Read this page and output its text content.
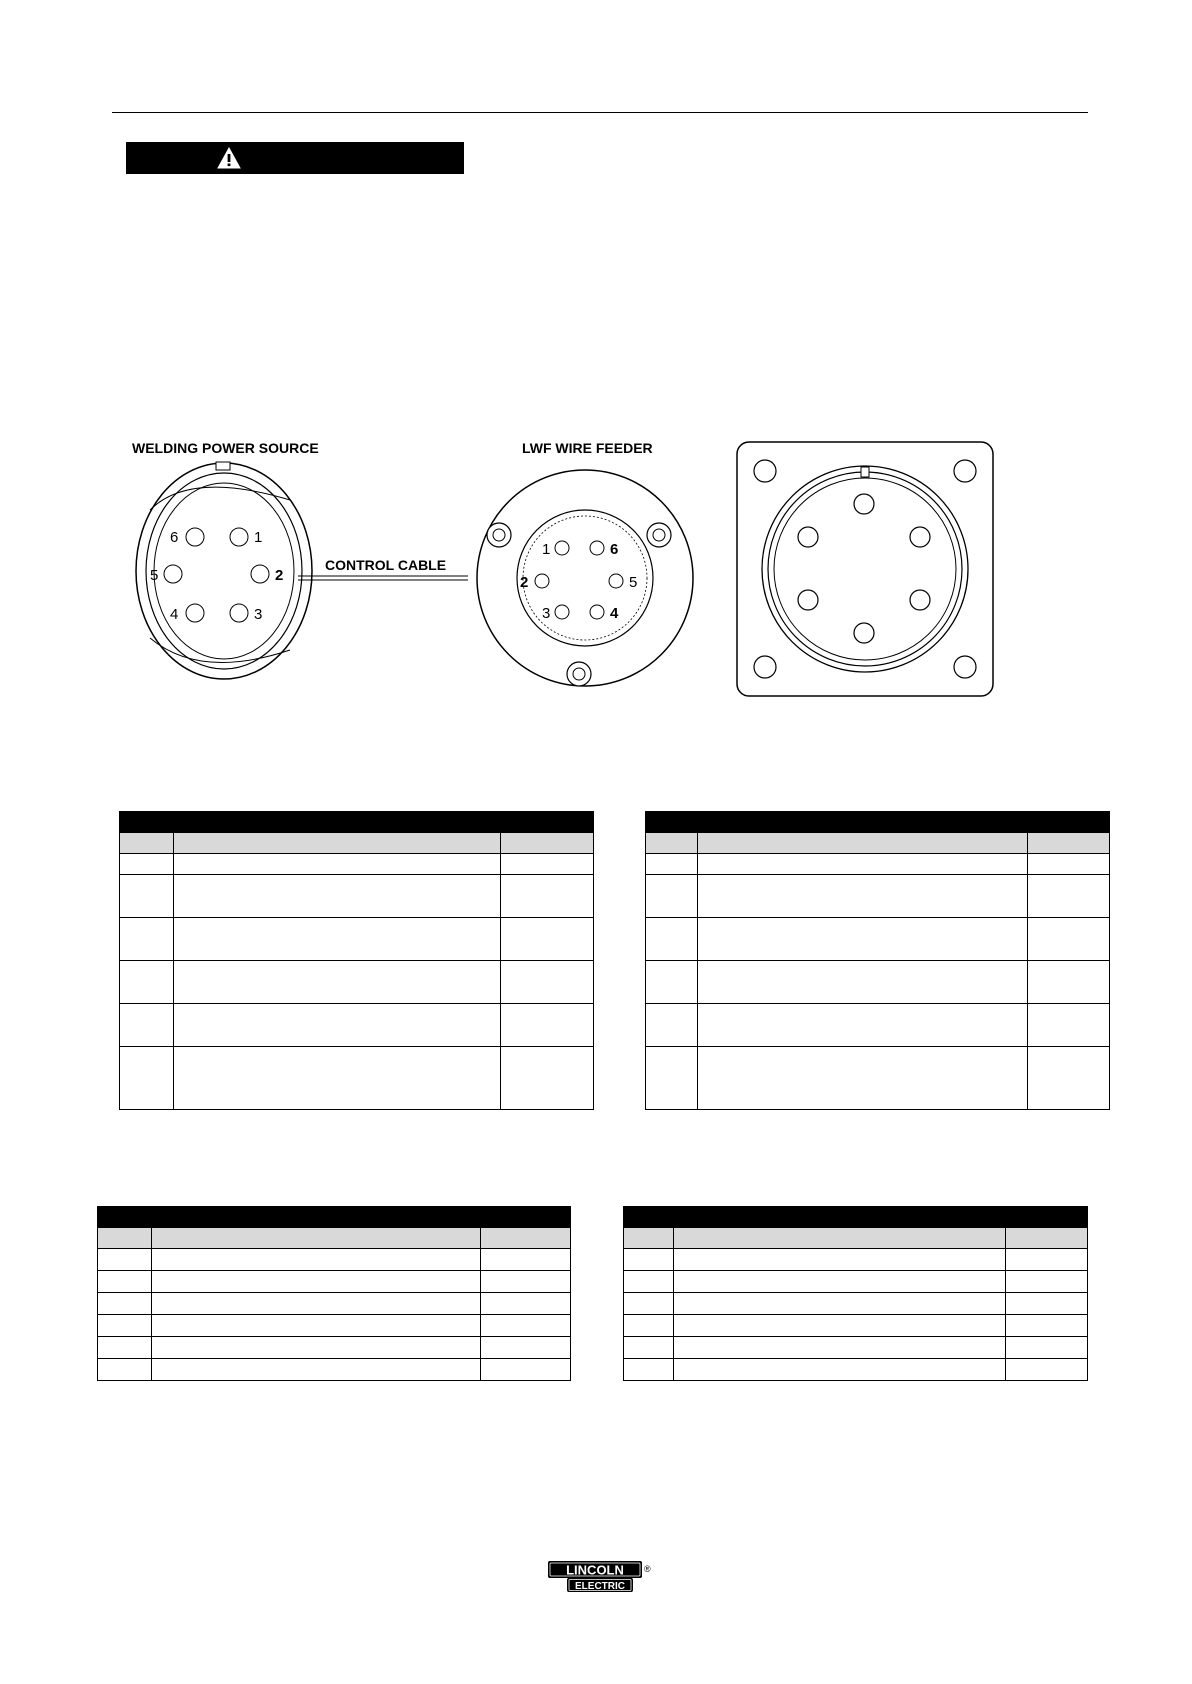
WELDING POWER SOURCE	LWF WIRE FEEDER
CONTROL CABLE
6	1
5	2
4	3
1	6
2	5
3	4

LINCOLN
ELECTRIC
®
